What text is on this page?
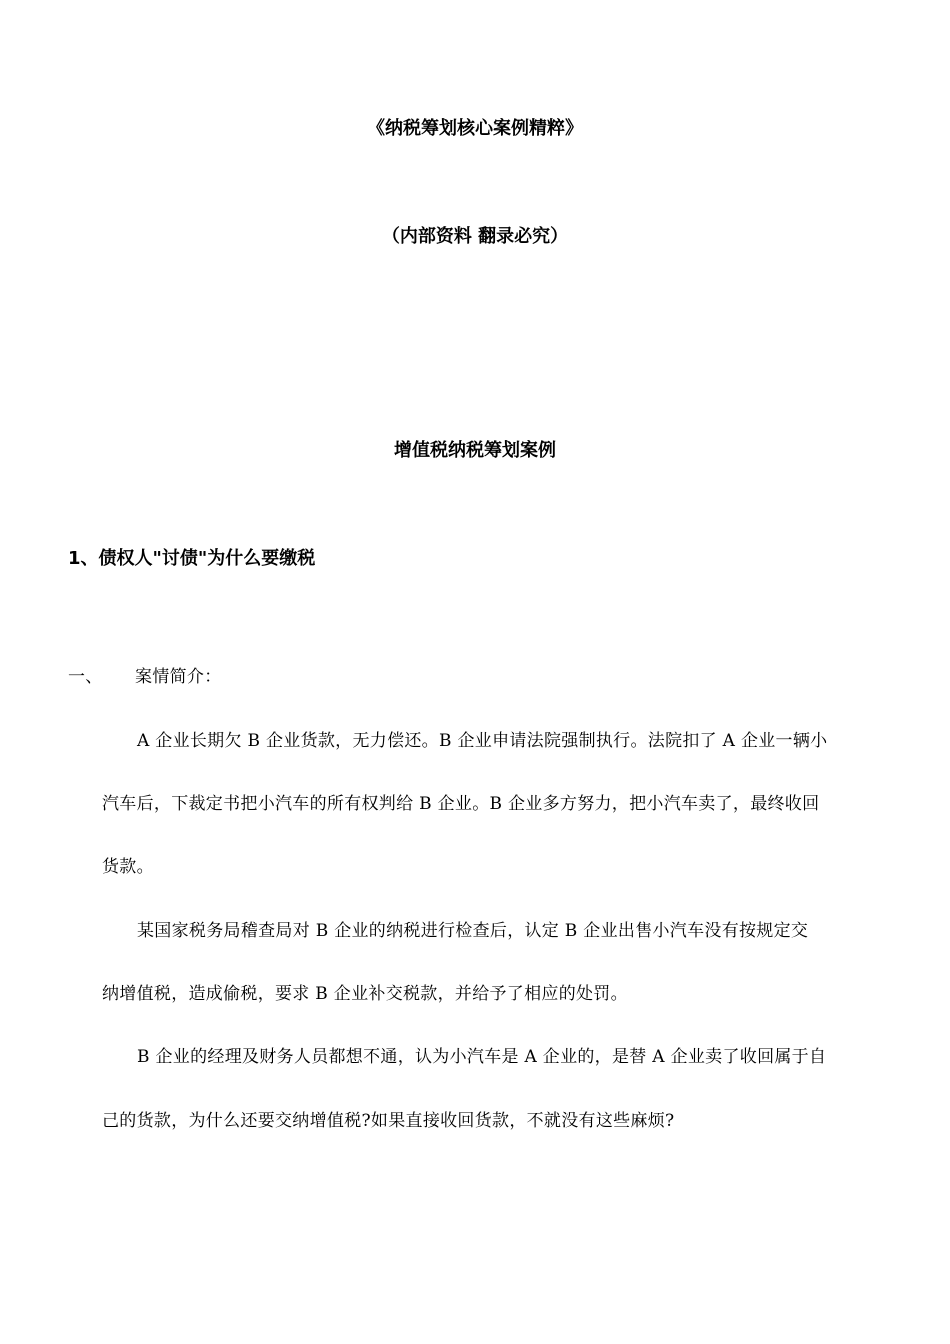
《纳税筹划核心案例精粹》
（内部资料 翻录必究）
增值税纳税筹划案例
1、债权人"讨债"为什么要缴税
一、 案情简介：
A 企业长期欠 B 企业货款，无力偿还。B 企业申请法院强制执行。法院扣了 A 企业一辆小
汽车后，下裁定书把小汽车的所有权判给 B 企业。B 企业多方努力，把小汽车卖了，最终收回
货款。
某国家税务局稽查局对 B 企业的纳税进行检查后，认定 B 企业出售小汽车没有按规定交
纳增值税，造成偷税，要求 B 企业补交税款，并给予了相应的处罚。
B 企业的经理及财务人员都想不通，认为小汽车是 A 企业的，是替 A 企业卖了收回属于自
己的货款，为什么还要交纳增值税?如果直接收回货款，不就没有这些麻烦?
